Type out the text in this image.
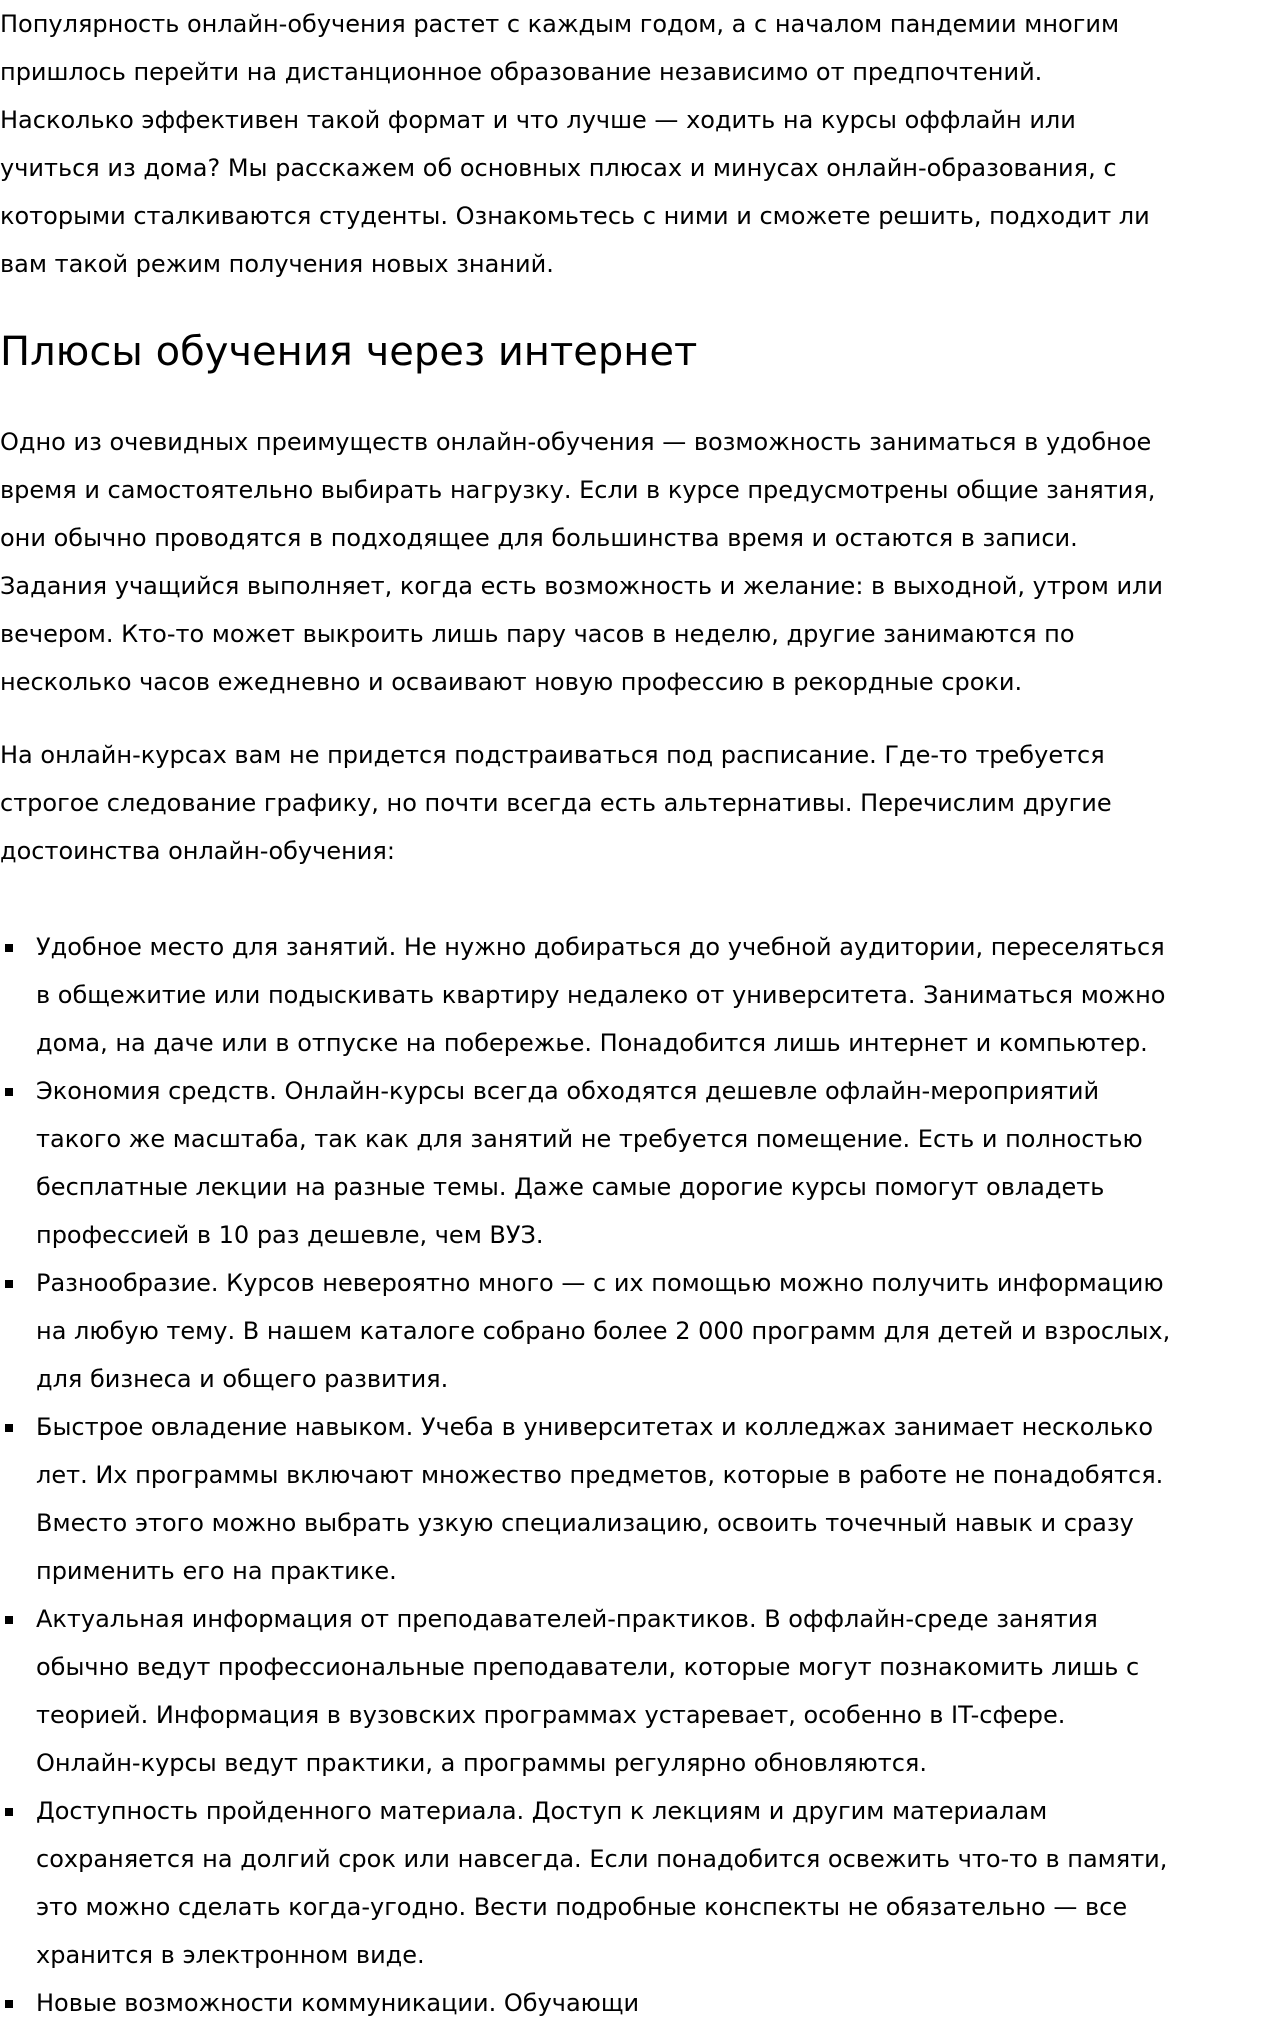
Популярность онлайн-обучения растет с каждым годом, а с началом пандемии многим
пришлось перейти на дистанционное образование независимо от предпочтений.
Насколько эффективен такой формат и что лучше — ходить на курсы оффлайн или
учиться из дома? Мы расскажем об основных плюсах и минусах онлайн-образования, с
которыми сталкиваются студенты. Ознакомьтесь с ними и сможете решить, подходит ли
вам такой режим получения новых знаний.

Плюсы обучения через интернет

Одно из очевидных преимуществ онлайн-обучения — возможность заниматься в удобное
время и самостоятельно выбирать нагрузку. Если в курсе предусмотрены общие занятия,
они обычно проводятся в подходящее для большинства время и остаются в записи.
Задания учащийся выполняет, когда есть возможность и желание: в выходной, утром или
вечером. Кто-то может выкроить лишь пару часов в неделю, другие занимаются по
несколько часов ежедневно и осваивают новую профессию в рекордные сроки.

На онлайн-курсах вам не придется подстраиваться под расписание. Где-то требуется
строгое следование графику, но почти всегда есть альтернативы. Перечислим другие
достоинства онлайн-обучения:

Удобное место для занятий. Не нужно добираться до учебной аудитории, переселяться
в общежитие или подыскивать квартиру недалеко от университета. Заниматься можно
дома, на даче или в отпуске на побережье. Понадобится лишь интернет и компьютер.
Экономия средств. Онлайн-курсы всегда обходятся дешевле офлайн-мероприятий
такого же масштаба, так как для занятий не требуется помещение. Есть и полностью
бесплатные лекции на разные темы. Даже самые дорогие курсы помогут овладеть
профессией в 10 раз дешевле, чем ВУЗ.
Разнообразие. Курсов невероятно много — с их помощью можно получить информацию
на любую тему. В нашем каталоге собрано более 2 000 программ для детей и взрослых,
для бизнеса и общего развития.
Быстрое овладение навыком. Учеба в университетах и колледжах занимает несколько
лет. Их программы включают множество предметов, которые в работе не понадобятся.
Вместо этого можно выбрать узкую специализацию, освоить точечный навык и сразу
применить его на практике.
Актуальная информация от преподавателей-практиков. В оффлайн-среде занятия
обычно ведут профессиональные преподаватели, которые могут познакомить лишь с
теорией. Информация в вузовских программах устаревает, особенно в IT-сфере.
Онлайн-курсы ведут практики, а программы регулярно обновляются.
Доступность пройденного материала. Доступ к лекциям и другим материалам
сохраняется на долгий срок или навсегда. Если понадобится освежить что-то в памяти,
это можно сделать когда-угодно. Вести подробные конспекты не обязательно — все
хранится в электронном виде.
Новые возможности коммуникации. Обучающи
